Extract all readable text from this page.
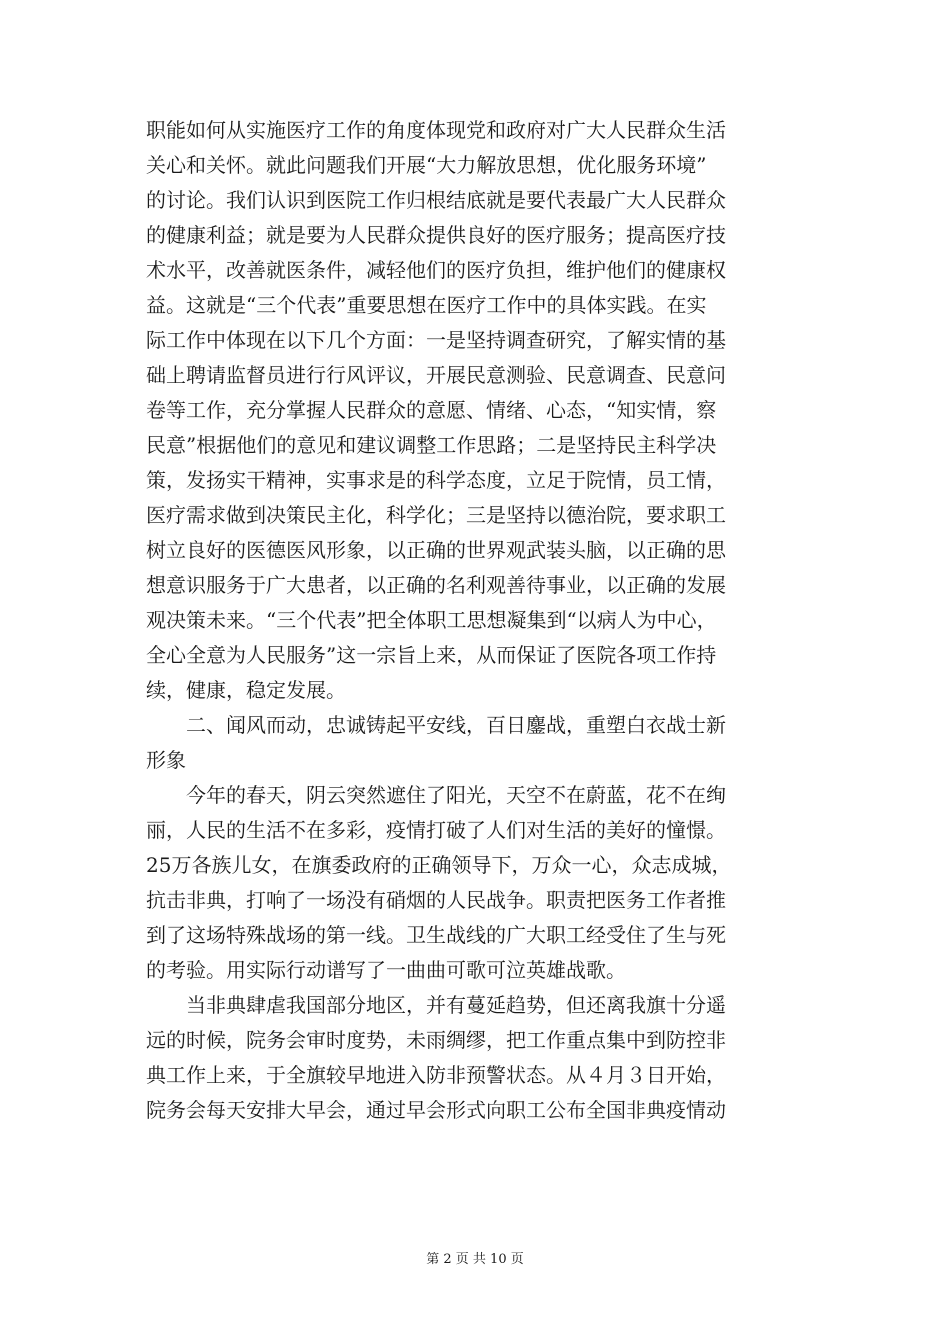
职能如何从实施医疗工作的角度体现党和政府对广大人民群众生活
关心和关怀。就此问题我们开展“大力解放思想，优化服务环境”
的讨论。我们认识到医院工作归根结底就是要代表最广大人民群众
的健康利益；就是要为人民群众提供良好的医疗服务；提高医疗技
术水平，改善就医条件，减轻他们的医疗负担，维护他们的健康权
益。这就是“三个代表”重要思想在医疗工作中的具体实践。在实
际工作中体现在以下几个方面：一是坚持调查研究，了解实情的基
础上聘请监督员进行行风评议，开展民意测验、民意调查、民意问
卷等工作，充分掌握人民群众的意愿、情绪、心态，“知实情，察
民意”根据他们的意见和建议调整工作思路；二是坚持民主科学决
策，发扬实干精神，实事求是的科学态度，立足于院情，员工情，
医疗需求做到决策民主化，科学化；三是坚持以德治院，要求职工
树立良好的医德医风形象，以正确的世界观武装头脑，以正确的思
想意识服务于广大患者，以正确的名利观善待事业，以正确的发展
观决策未来。“三个代表”把全体职工思想凝集到“以病人为中心，
全心全意为人民服务”这一宗旨上来，从而保证了医院各项工作持
续，健康，稳定发展。
二、闻风而动，忠诚铸起平安线，百日鏖战，重塑白衣战士新
形象
今年的春天，阴云突然遮住了阳光，天空不在蔚蓝，花不在绚
丽，人民的生活不在多彩，疫情打破了人们对生活的美好的憧憬。
25万各族儿女，在旗委政府的正确领导下，万众一心，众志成城，
抗击非典，打响了一场没有硝烟的人民战争。职责把医务工作者推
到了这场特殊战场的第一线。卫生战线的广大职工经受住了生与死
的考验。用实际行动谱写了一曲曲可歌可泣英雄战歌。
当非典肆虐我国部分地区，并有蔓延趋势，但还离我旗十分遥
远的时候，院务会审时度势，未雨绸缪，把工作重点集中到防控非
典工作上来，于全旗较早地进入防非预警状态。从４月３日开始，
院务会每天安排大早会，通过早会形式向职工公布全国非典疫情动
第 2 页 共 10 页
